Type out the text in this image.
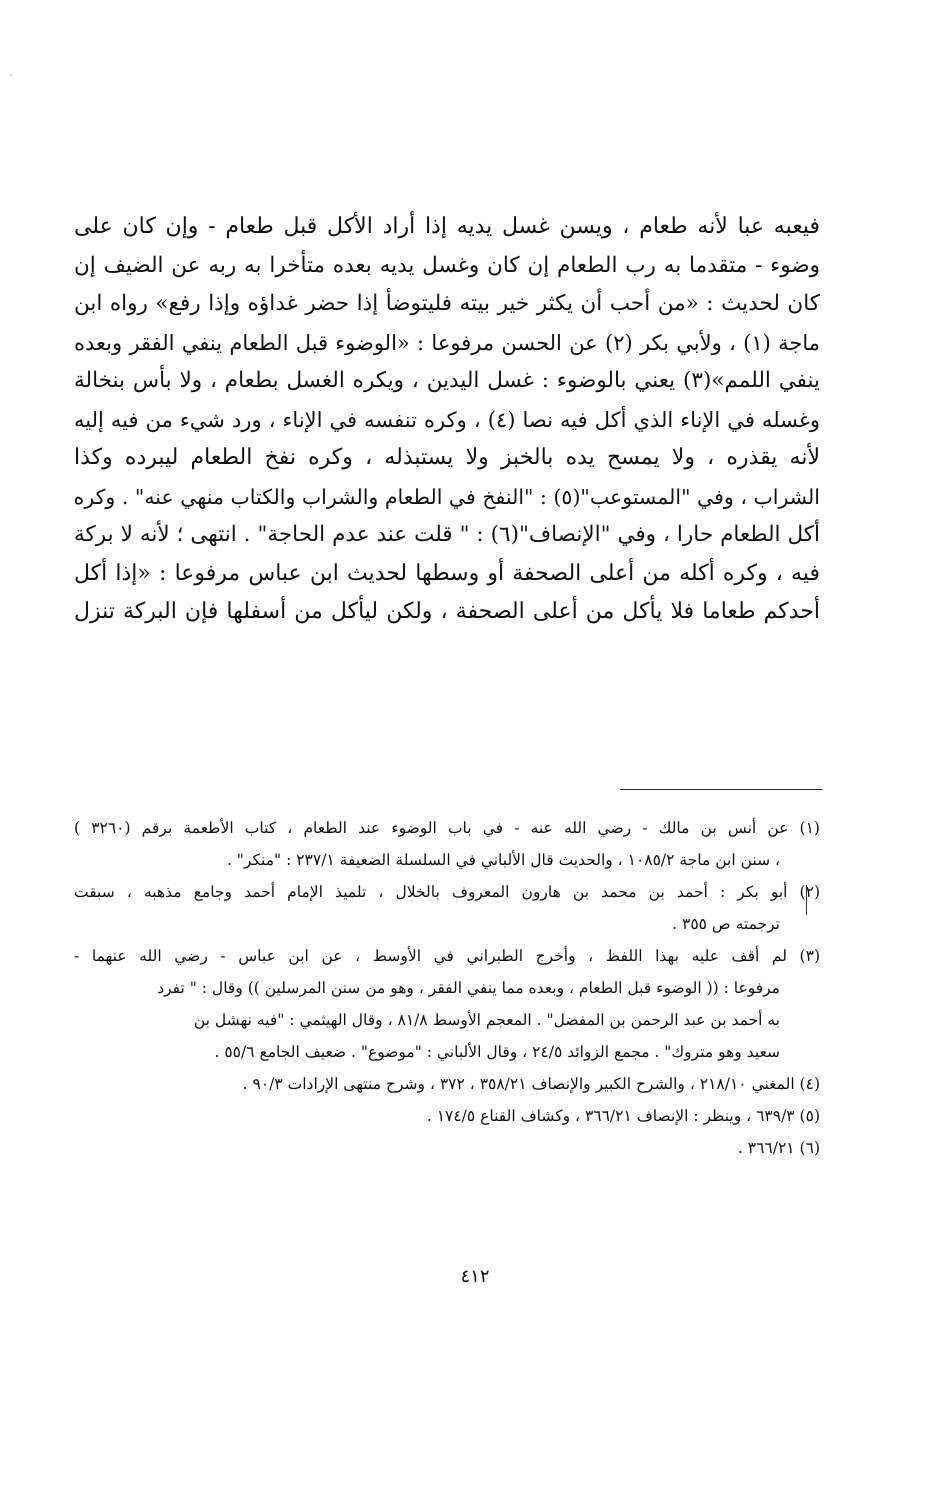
فيعبه عبا لأنه طعام ، ويسن غسل يديه إذا أراد الأكل قبل طعام - وإن كان على
وضوء - متقدما به رب الطعام إن كان وغسل يديه بعده متأخرا به ربه عن الضيف إن
كان لحديث : «من أحب أن يكثر خير بيته فليتوضأ إذا حضر غداؤه وإذا رفع» رواه ابن
ماجة (١) ، ولأبي بكر (٢) عن الحسن مرفوعا : «الوضوء قبل الطعام ينفي الفقر وبعده
ينفي اللمم»(٣) يعني بالوضوء : غسل اليدين ، ويكره الغسل بطعام ، ولا بأس بنخالة
وغسله في الإناء الذي أكل فيه نصا (٤) ، وكره تنفسه في الإناء ، ورد شيء من فيه إليه
لأنه يقذره ، ولا يمسح يده بالخبز ولا يستبذله ، وكره نفخ الطعام ليبرده وكذا
الشراب ، وفي "المستوعب"(٥) : "النفخ في الطعام والشراب والكتاب منهي عنه" . وكره
أكل الطعام حارا ، وفي "الإنصاف"(٦) : " قلت عند عدم الحاجة" . انتهى ؛ لأنه لا بركة
فيه ، وكره أكله من أعلى الصحفة أو وسطها لحديث ابن عباس مرفوعا : «إذا أكل
أحدكم طعاما فلا يأكل من أعلى الصحفة ، ولكن ليأكل من أسفلها فإن البركة تنزل
(١) عن أنس بن مالك - رضي الله عنه - في باب الوضوء عند الطعام ، كتاب الأطعمة برقم (٣٢٦٠ )
، سنن ابن ماجة ١٠٨٥/٢ ، والحديث قال الألباني في السلسلة الضعيفة ٢٣٧/١ : "منكر" .
(٢) أبو بكر : أحمد بن محمد بن هارون المعروف بالخلال ، تلميذ الإمام أحمد وجامع مذهبه ، سبقت
ترجمته ص ٣٥٥ .
(٣) لم أقف عليه بهذا اللفظ ، وأخرج الطبراني في الأوسط ، عن ابن عباس - رضي الله عنهما -
مرفوعا : (( الوضوء قبل الطعام ، وبعده مما ينفي الفقر ، وهو من سنن المرسلين )) وقال : " تفرد
به أحمد بن عبد الرحمن بن المفضل" . المعجم الأوسط ٨١/٨ ، وقال الهيثمي : "فيه نهشل بن
سعيد وهو متروك" . مجمع الزوائد ٢٤/٥ ، وقال الألباني : "موضوع" . ضعيف الجامع ٥٥/٦ .
(٤) المغني ٢١٨/١٠ ، والشرح الكبير والإنصاف ٣٥٨/٢١ ، ٣٧٢ ، وشرح منتهى الإرادات ٩٠/٣ .
(٥) ٦٣٩/٣ ، وينظر : الإنصاف ٣٦٦/٢١ ، وكشاف القناع ١٧٤/٥ .
(٦) ٣٦٦/٢١ .
٤١٢
